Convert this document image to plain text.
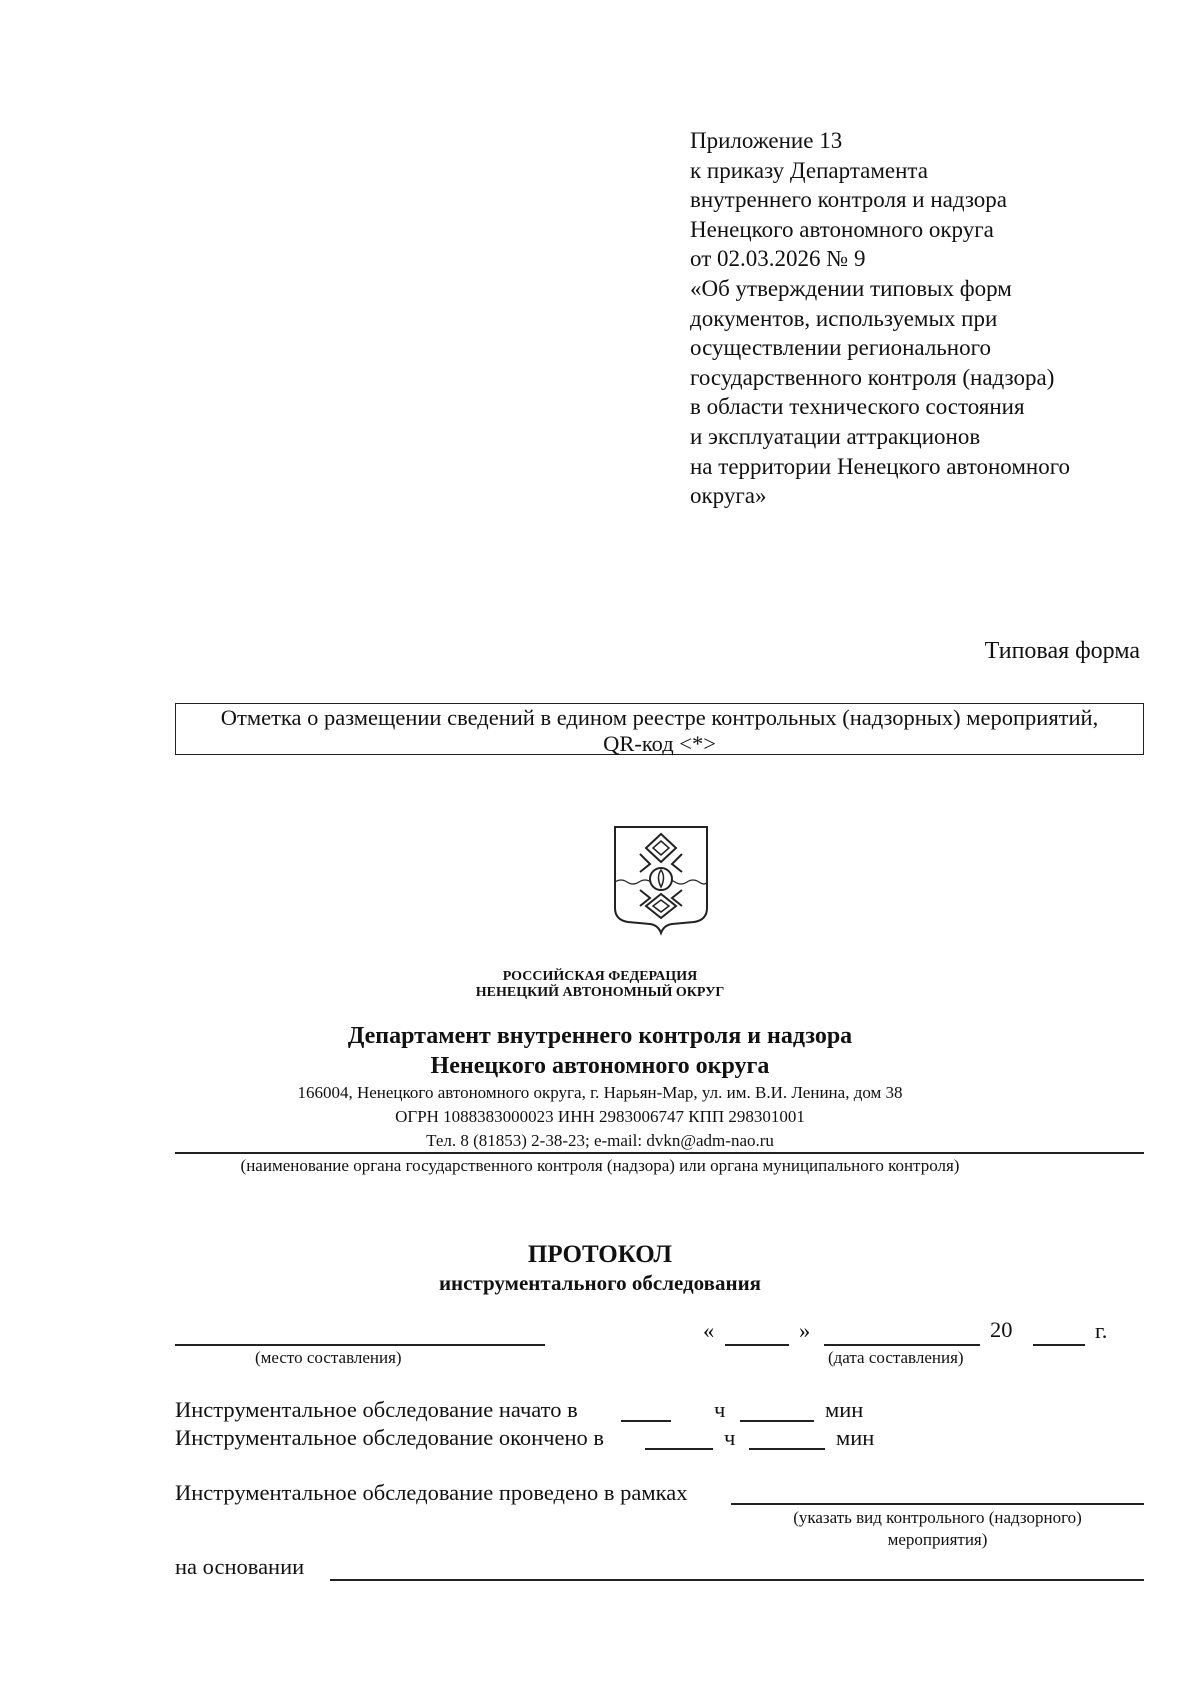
Приложение 13
к приказу Департамента
внутреннего контроля и надзора
Ненецкого автономного округа
от 02.03.2026 № 9
«Об утверждении типовых форм
документов, используемых при
осуществлении регионального
государственного контроля (надзора)
в области технического состояния
и эксплуатации аттракционов
на территории Ненецкого автономного
округа»
Типовая форма
Отметка о размещении сведений в едином реестре контрольных (надзорных) мероприятий,
QR-код <*>
РОССИЙСКАЯ ФЕДЕРАЦИЯ
НЕНЕЦКИЙ АВТОНОМНЫЙ ОКРУГ
Департамент внутреннего контроля и надзора
Ненецкого автономного округа
166004, Ненецкого автономного округа, г. Нарьян-Мар, ул. им. В.И. Ленина, дом 38
ОГРН 1088383000023 ИНН 2983006747 КПП 298301001
Тел. 8 (81853) 2-38-23; e-mail: dvkn@adm-nao.ru
(наименование органа государственного контроля (надзора) или органа муниципального контроля)
ПРОТОКОЛ
инструментального обследования
(место составления)
«	»	20	г.
(дата составления)
Инструментальное обследование начато в	ч	мин
Инструментальное обследование окончено в	ч	мин
Инструментальное обследование проведено в рамках
(указать вид контрольного (надзорного)
мероприятия)
на основании
